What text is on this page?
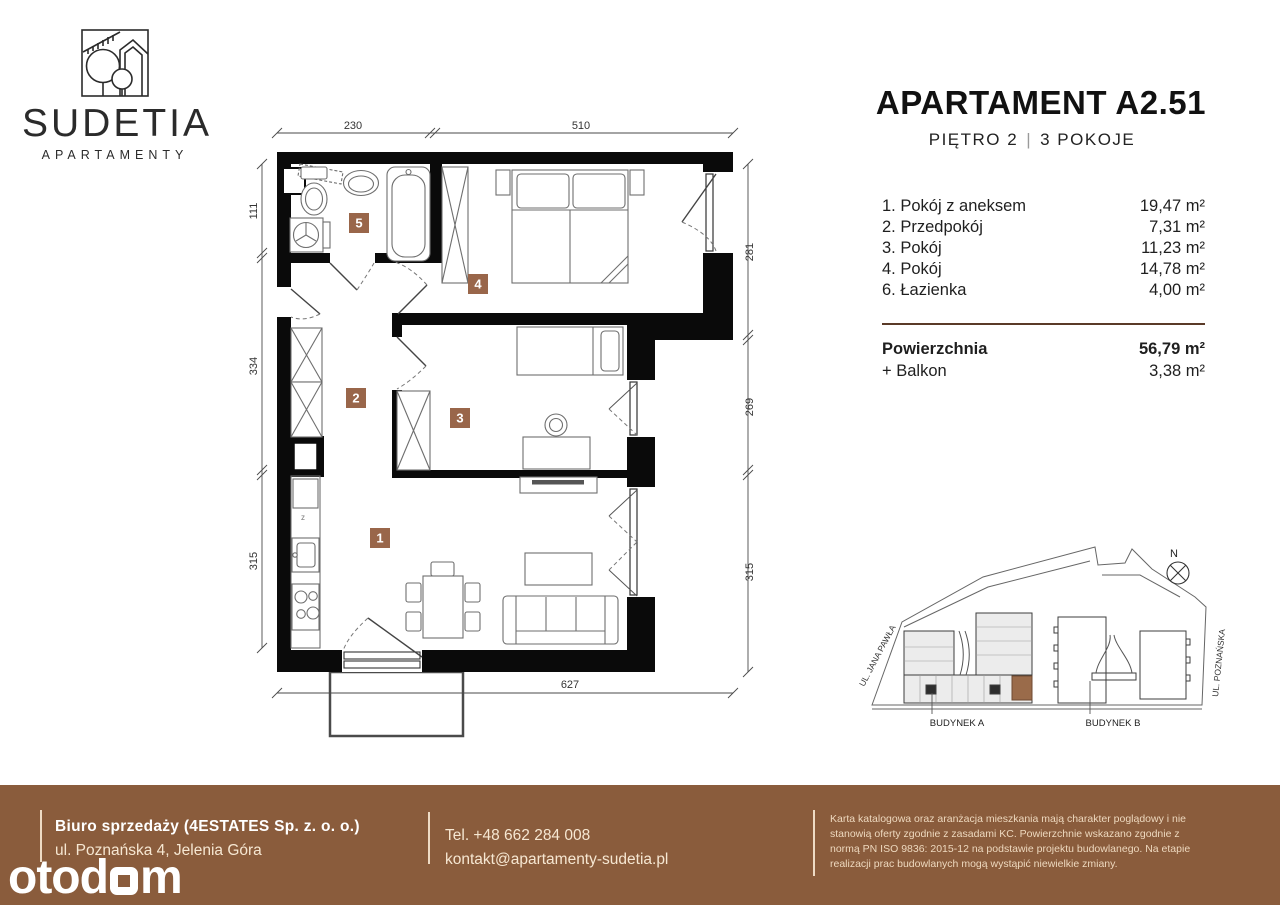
SUDETIA
APARTAMENTY
APARTAMENT A2.51
PIĘTRO 2 | 3 POKOJE
1. Pokój z aneksem	19,47 m²
2. Przedpokój	7,31 m²
3. Pokój	11,23 m²
4. Pokój	14,78 m²
6. Łazienka	4,00 m²
Powierzchnia	56,79 m²
+ Balkon	3,38 m²
z
1
2
3
4
5
230	510
111
334
315
281
269
315
627
N
BUDYNEK A	BUDYNEK B
UL. JANA PAWŁA	UL. POZNAŃSKA
Biuro sprzedaży (4ESTATES Sp. z. o. o.)
ul. Poznańska 4, Jelenia Góra
Tel. +48 662 284 008
kontakt@apartamenty-sudetia.pl
Karta katalogowa oraz aranżacja mieszkania mają charakter poglądowy i nie stanowią oferty zgodnie z zasadami KC. Powierzchnie wskazano zgodnie z normą PN ISO 9836: 2015-12 na podstawie projektu budowlanego. Na etapie realizacji prac budowlanych mogą wystąpić niewielkie zmiany.
otod m
